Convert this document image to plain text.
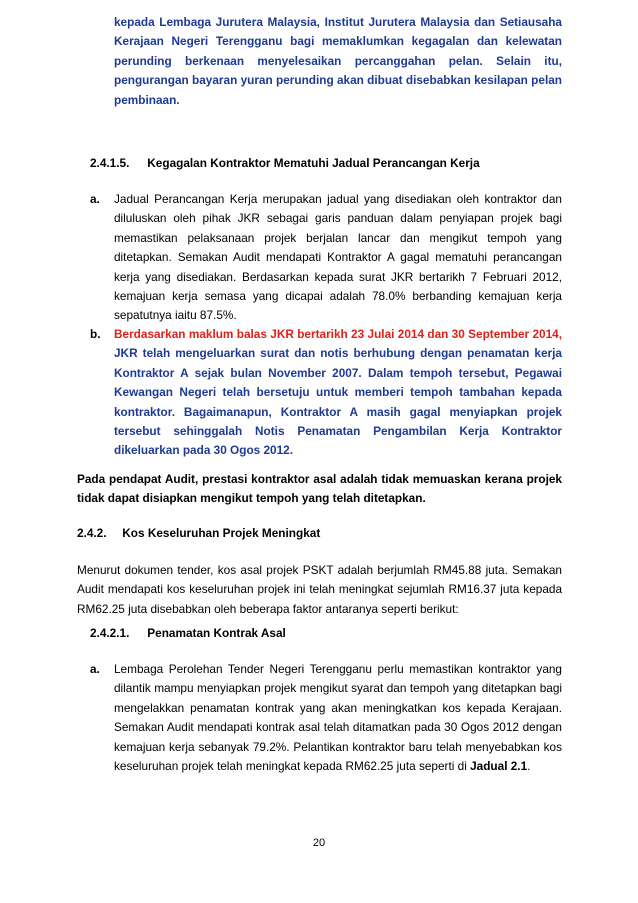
kepada Lembaga Jurutera Malaysia, Institut Jurutera Malaysia dan Setiausaha Kerajaan Negeri Terengganu bagi memaklumkan kegagalan dan kelewatan perunding berkenaan menyelesaikan percanggahan pelan. Selain itu, pengurangan bayaran yuran perunding akan dibuat disebabkan kesilapan pelan pembinaan.
2.4.1.5. Kegagalan Kontraktor Mematuhi Jadual Perancangan Kerja
a. Jadual Perancangan Kerja merupakan jadual yang disediakan oleh kontraktor dan diluluskan oleh pihak JKR sebagai garis panduan dalam penyiapan projek bagi memastikan pelaksanaan projek berjalan lancar dan mengikut tempoh yang ditetapkan. Semakan Audit mendapati Kontraktor A gagal mematuhi perancangan kerja yang disediakan. Berdasarkan kepada surat JKR bertarikh 7 Februari 2012, kemajuan kerja semasa yang dicapai adalah 78.0% berbanding kemajuan kerja sepatutnya iaitu 87.5%.
b. Berdasarkan maklum balas JKR bertarikh 23 Julai 2014 dan 30 September 2014, JKR telah mengeluarkan surat dan notis berhubung dengan penamatan kerja Kontraktor A sejak bulan November 2007. Dalam tempoh tersebut, Pegawai Kewangan Negeri telah bersetuju untuk memberi tempoh tambahan kepada kontraktor. Bagaimanapun, Kontraktor A masih gagal menyiapkan projek tersebut sehinggalah Notis Penamatan Pengambilan Kerja Kontraktor dikeluarkan pada 30 Ogos 2012.
Pada pendapat Audit, prestasi kontraktor asal adalah tidak memuaskan kerana projek tidak dapat disiapkan mengikut tempoh yang telah ditetapkan.
2.4.2. Kos Keseluruhan Projek Meningkat
Menurut dokumen tender, kos asal projek PSKT adalah berjumlah RM45.88 juta. Semakan Audit mendapati kos keseluruhan projek ini telah meningkat sejumlah RM16.37 juta kepada RM62.25 juta disebabkan oleh beberapa faktor antaranya seperti berikut:
2.4.2.1. Penamatan Kontrak Asal
a. Lembaga Perolehan Tender Negeri Terengganu perlu memastikan kontraktor yang dilantik mampu menyiapkan projek mengikut syarat dan tempoh yang ditetapkan bagi mengelakkan penamatan kontrak yang akan meningkatkan kos kepada Kerajaan. Semakan Audit mendapati kontrak asal telah ditamatkan pada 30 Ogos 2012 dengan kemajuan kerja sebanyak 79.2%. Pelantikan kontraktor baru telah menyebabkan kos keseluruhan projek telah meningkat kepada RM62.25 juta seperti di Jadual 2.1.
20
